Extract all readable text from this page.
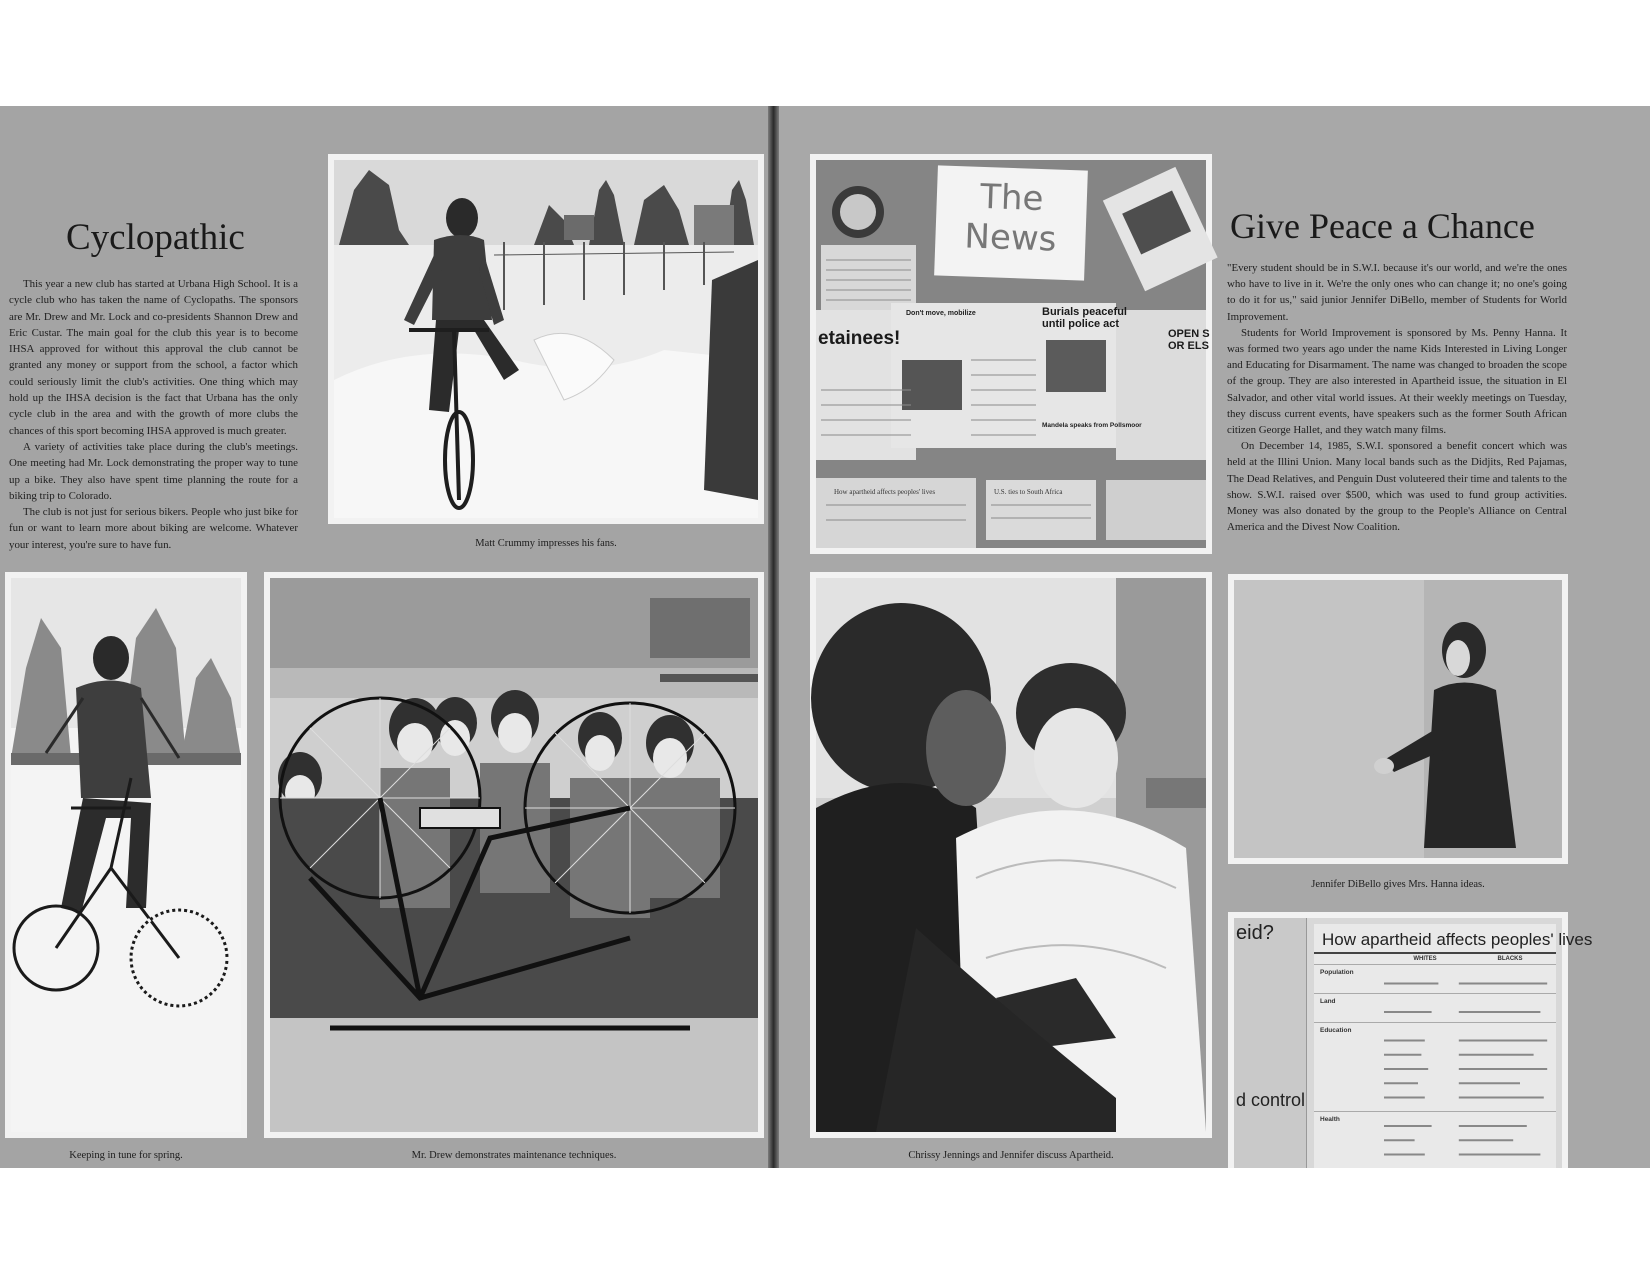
Cyclopathic

This year a new club has started at Urbana High School. It is a cycle club who has taken the name of Cyclopaths. The sponsors are Mr. Drew and Mr. Lock and co-presidents Shannon Drew and Eric Custar. The main goal for the club this year is to become IHSA approved for without this approval the club cannot be granted any money or support from the school, a factor which could seriously limit the club's activities. One thing which may hold up the IHSA decision is the fact that Urbana has the only cycle club in the area and with the growth of more clubs the chances of this sport becoming IHSA approved is much greater.

A variety of activities take place during the club's meetings. One meeting had Mr. Lock demonstrating the proper way to tune up a bike. They also have spent time planning the route for a biking trip to Colorado.

The club is not just for serious bikers. People who just bike for fun or want to learn more about biking are welcome. Whatever your interest, you're sure to have fun.	Matt Crummy impresses his fans.

Keeping in tune for spring.	Mr. Drew demonstrates maintenance techniques.

Give Peace a Chance

"Every student should be in S.W.I. because it's our world, and we're the ones who have to live in it. We're the only ones who can change it; no one's going to do it for us," said junior Jennifer DiBello, member of Students for World Improvement.

Students for World Improvement is sponsored by Ms. Penny Hanna. It was formed two years ago under the name Kids Interested in Living Longer and Educating for Disarmament. The name was changed to broaden the scope of the group. They are also interested in Apartheid issue, the situation in El Salvador, and other vital world issues. At their weekly meetings on Tuesday, they discuss current events, have speakers such as the former South African citizen George Hallet, and they watch many films.

On December 14, 1985, S.W.I. sponsored a benefit concert which was held at the Illini Union. Many local bands such as the Didjits, Red Pajamas, The Dead Relatives, and Penguin Dust voluteered their time and talents to the show. S.W.I. raised over $500, which was used to fund group activities. Money was also donated by the group to the People's Alliance on Central America and the Divest Now Coalition.

The
News
etainees!
Don't move, mobilize	Burials peaceful
until police act
Mandela speaks from Pollsmoor
OPEN S
OR ELS
How apartheid affects peoples' lives	U.S. ties to South Africa

Chrissy Jennings and Jennifer discuss Apartheid.

Jennifer DiBello gives Mrs. Hanna ideas.

eid?
d control
How apartheid affects peoples' lives
WHITES	BLACKS
Population
Land
Education
Health
